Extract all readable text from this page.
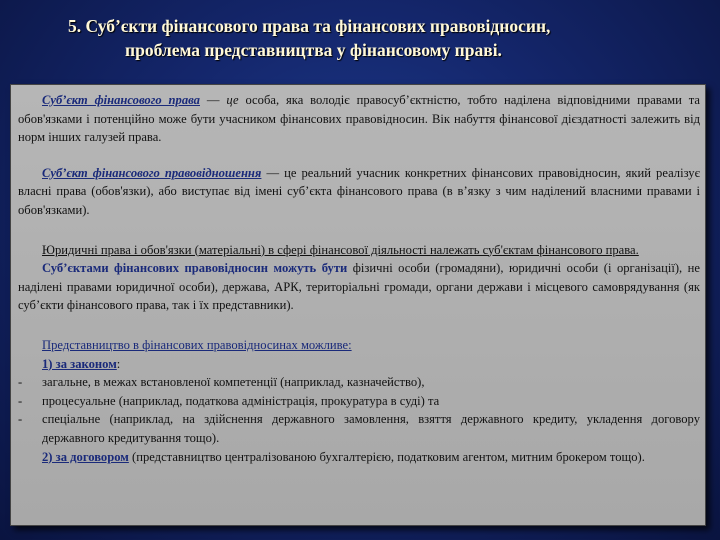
5. Суб’єкти фінансового права та фінансових правовідносин,
проблема представництва у фінансовому праві.

Суб’єкт фінансового права — це особа, яка володіє правосуб’єктністю, тобто наділена відповідними правами та обов'язками і потенційно може бути учасником фінансових правовідносин. Вік набуття фінансової дієздатності залежить від норм інших галузей права.

Суб’єкт фінансового правовідношення — це реальний учасник конкретних фінансових правовідносин, який реалізує власні права (обов'язки), або виступає від імені суб’єкта фінансового права (в в’язку з чим наділений власними правами і обов'язками).

Юридичні права і обов'язки (матеріальні) в сфері фінансової діяльності належать суб'єктам фінансового права.

Суб’єктами фінансових правовідносин можуть бути фізичні особи (громадяни), юридичні особи (і організації), не наділені правами юридичної особи), держава, АРК, територіальні громади, органи держави і місцевого самоврядування (як суб’єкти фінансового права, так і їх представники).

Представництво в фінансових правовідносинах можливе:

1) за законом:

-	загальне, в межах встановленої компетенції (наприклад, казначейство),
-	процесуальне (наприклад, податкова адміністрація, прокуратура в суді) та
-	спеціальне (наприклад, на здійснення державного замовлення, взяття державного кредиту, укладення договору державного кредитування тощо).

2) за договором (представництво централізованою бухгалтерією, податковим агентом, митним брокером тощо).
